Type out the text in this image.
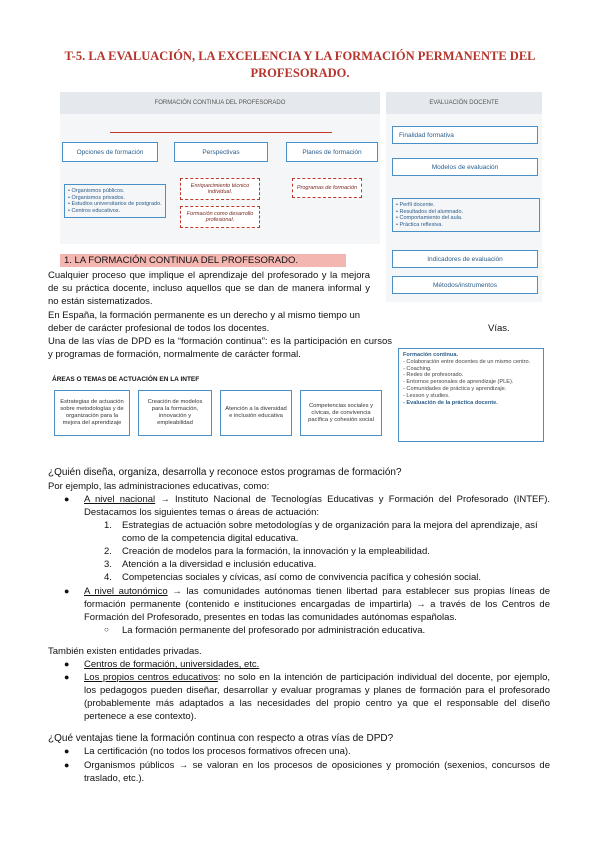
T-5. LA EVALUACIÓN, LA EXCELENCIA Y LA FORMACIÓN PERMANENTE DEL PROFESORADO.
FORMACIÓN CONTINUA DEL PROFESORADO
Opciones de formación	Perspectivas	Planes de formación
• Organismos públicos.
• Organismos privados.
• Estudios universitarios de postgrado.
• Centros educativos.
Enriquecimiento técnico individual.
Formación como desarrollo profesional.
Programas de formación
EVALUACIÓN DOCENTE
Finalidad formativa
Modelos de evaluación
• Perfil docente.
• Resultados del alumnado.
• Comportamiento del aula.
• Práctica reflexiva.
Indicadores de evaluación
Métodos/instrumentos
1. LA FORMACIÓN CONTINUA DEL PROFESORADO.
Cualquier proceso que implique el aprendizaje del profesorado y la mejora de su práctica docente, incluso aquellos que se dan de manera informal y no están sistematizados.
En España, la formación permanente es un derecho y al mismo tiempo un deber de carácter profesional de todos los docentes.
Una de las vías de DPD es la “formación continua”: es la participación en cursos y programas de formación, normalmente de carácter formal.
Vías.
ÁREAS O TEMAS DE ACTUACIÓN EN LA INTEF
Estrategias de actuación sobre metodologías y de organización para la mejora del aprendizaje
Creación de modelos para la formación, innovación y empleabilidad
Atención a la diversidad e inclusión educativa
Competencias sociales y cívicas, de convivencia pacífica y cohesión social
Formación continua.
- Colaboración entre docentes de un mismo centro.
- Coaching.
- Redes de profesorado.
- Entornos personales de aprendizaje (PLE).
- Comunidades de práctica y aprendizaje.
- Lesson y studies.
- Evaluación de la práctica docente.
¿Quién diseña, organiza, desarrolla y reconoce estos programas de formación?
Por ejemplo, las administraciones educativas, como:
● A nivel nacional → Instituto Nacional de Tecnologías Educativas y Formación del Profesorado (INTEF). Destacamos los siguientes temas o áreas de actuación:
1.	Estrategias de actuación sobre metodologías y de organización para la mejora del aprendizaje, así como de la competencia digital educativa.
2.	Creación de modelos para la formación, la innovación y la empleabilidad.
3.	Atención a la diversidad e inclusión educativa.
4.	Competencias sociales y cívicas, así como de convivencia pacífica y cohesión social.
● A nivel autonómico → las comunidades autónomas tienen libertad para establecer sus propias líneas de formación permanente (contenido e instituciones encargadas de impartirla) → a través de los Centros de Formación del Profesorado, presentes en todas las comunidades autónomas españolas.
○ La formación permanente del profesorado por administración educativa.
También existen entidades privadas.
● Centros de formación, universidades, etc.
● Los propios centros educativos: no solo en la intención de participación individual del docente, por ejemplo, los pedagogos pueden diseñar, desarrollar y evaluar programas y planes de formación para el profesorado (probablemente más adaptados a las necesidades del propio centro ya que el responsable del diseño pertenece a ese contexto).
¿Qué ventajas tiene la formación continua con respecto a otras vías de DPD?
● La certificación (no todos los procesos formativos ofrecen una).
● Organismos públicos → se valoran en los procesos de oposiciones y promoción (sexenios, concursos de traslado, etc.).
